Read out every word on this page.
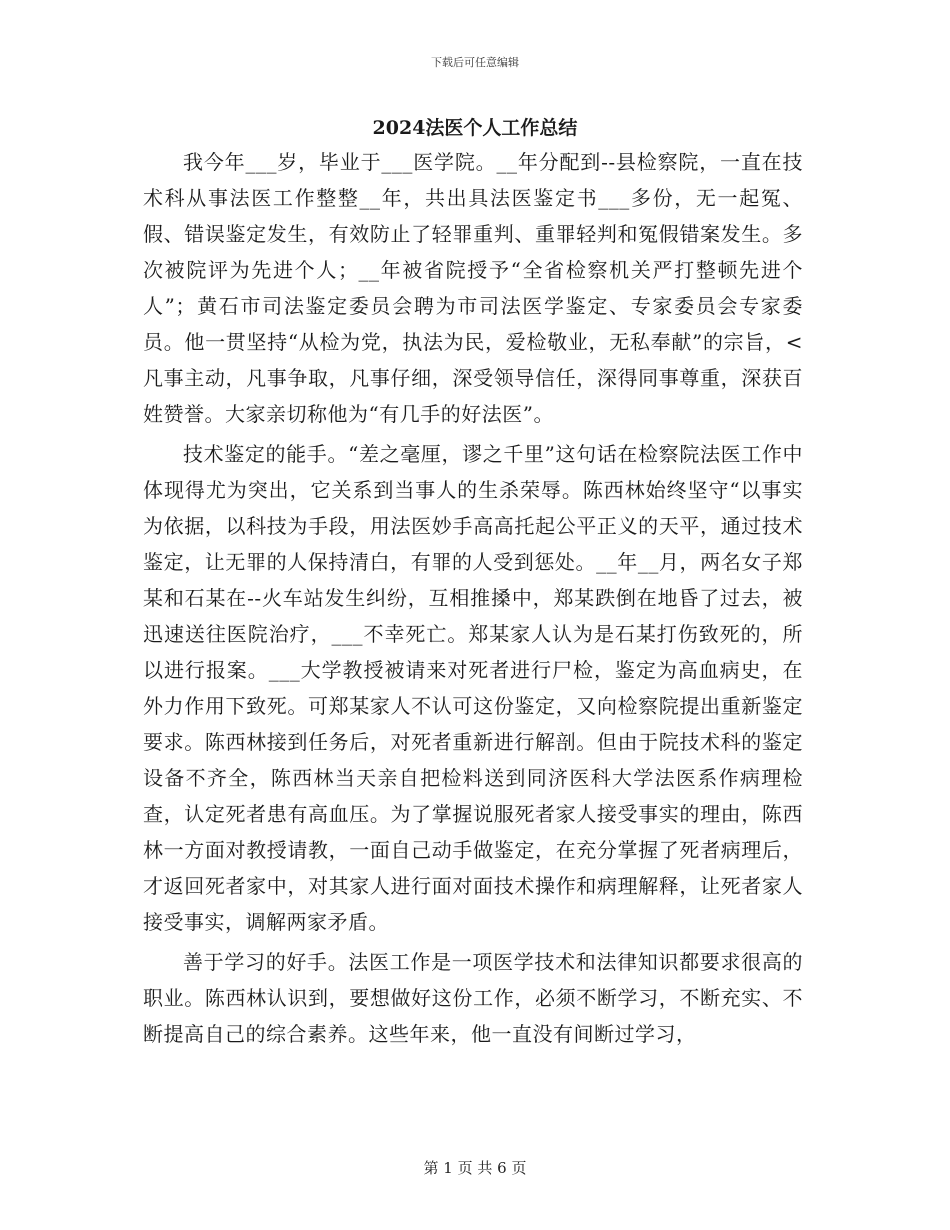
下载后可任意编辑
2024法医个人工作总结

我今年___岁，毕业于___医学院。__年分配到--县检察院，一直在技术科从事法医工作整整__年，共出具法医鉴定书___多份，无一起冤、假、错误鉴定发生，有效防止了轻罪重判、重罪轻判和冤假错案发生。多次被院评为先进个人；__年被省院授予“全省检察机关严打整顿先进个人”；黄石市司法鉴定委员会聘为市司法医学鉴定、专家委员会专家委员。他一贯坚持“从检为党，执法为民，爱检敬业，无私奉献”的宗旨，<凡事主动，凡事争取，凡事仔细，深受领导信任，深得同事尊重，深获百姓赞誉。大家亲切称他为“有几手的好法医”。

技术鉴定的能手。“差之毫厘，谬之千里”这句话在检察院法医工作中体现得尤为突出，它关系到当事人的生杀荣辱。陈西林始终坚守“以事实为依据，以科技为手段，用法医妙手高高托起公平正义的天平，通过技术鉴定，让无罪的人保持清白，有罪的人受到惩处。__年__月，两名女子郑某和石某在--火车站发生纠纷，互相推搡中，郑某跌倒在地昏了过去，被迅速送往医院治疗，___不幸死亡。郑某家人认为是石某打伤致死的，所以进行报案。___大学教授被请来对死者进行尸检，鉴定为高血病史，在外力作用下致死。可郑某家人不认可这份鉴定，又向检察院提出重新鉴定要求。陈西林接到任务后，对死者重新进行解剖。但由于院技术科的鉴定设备不齐全，陈西林当天亲自把检料送到同济医科大学法医系作病理检查，认定死者患有高血压。为了掌握说服死者家人接受事实的理由，陈西林一方面对教授请教，一面自己动手做鉴定，在充分掌握了死者病理后，才返回死者家中，对其家人进行面对面技术操作和病理解释，让死者家人接受事实，调解两家矛盾。

善于学习的好手。法医工作是一项医学技术和法律知识都要求很高的职业。陈西林认识到，要想做好这份工作，必须不断学习，不断充实、不断提高自己的综合素养。这些年来，他一直没有间断过学习，

第 1 页 共 6 页
